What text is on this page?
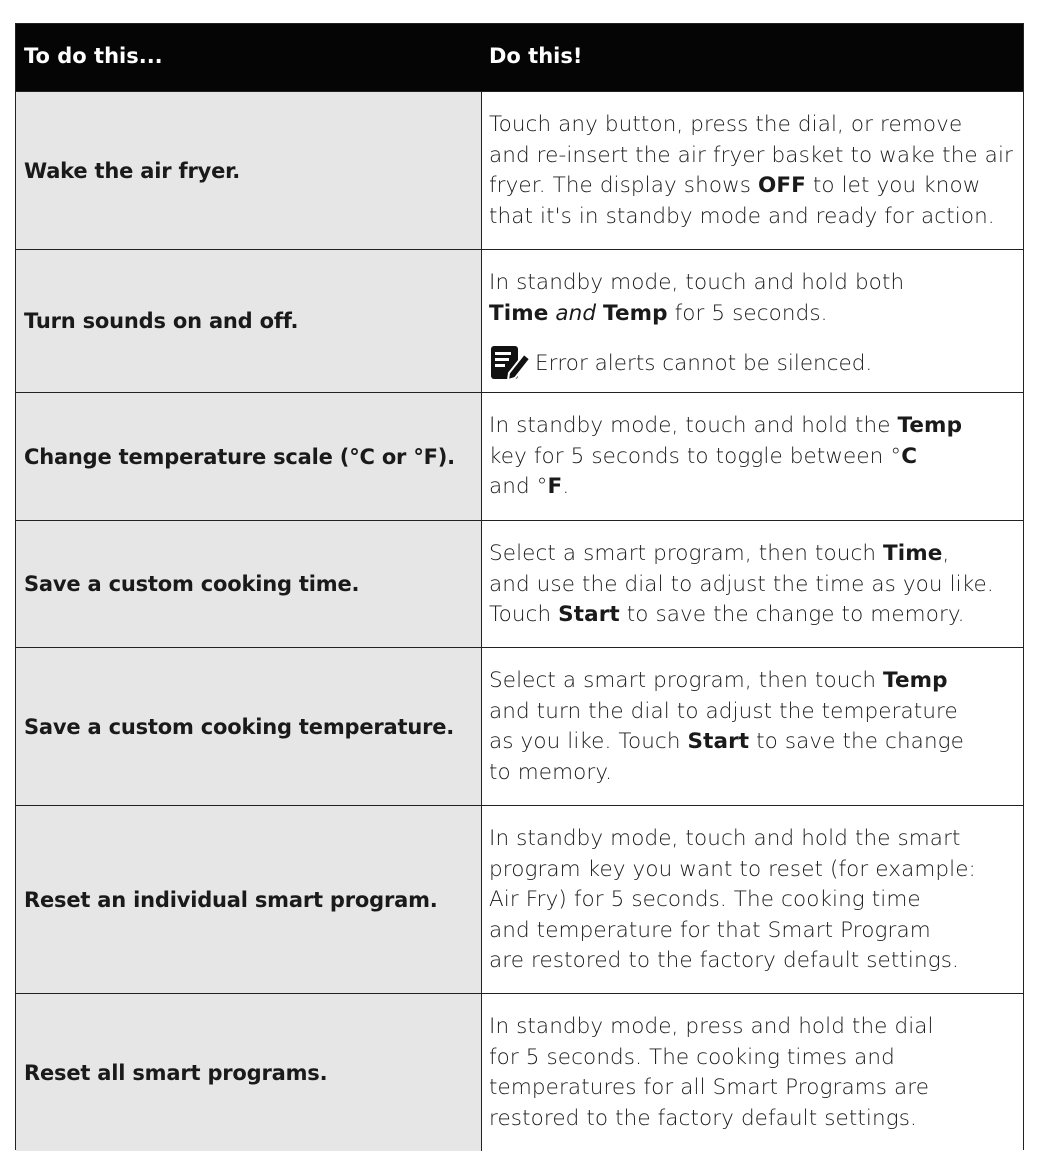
To do this...	Do this!
Wake the air fryer.
Touch any button, press the dial, or remove
and re-insert the air fryer basket to wake the air
fryer. The display shows OFF to let you know
that it's in standby mode and ready for action.
Turn sounds on and off.
In standby mode, touch and hold both
Time and Temp for 5 seconds.
Error alerts cannot be silenced.
Change temperature scale (°C or °F).
In standby mode, touch and hold the Temp
key for 5 seconds to toggle between °C
and °F.
Save a custom cooking time.
Select a smart program, then touch Time,
and use the dial to adjust the time as you like.
Touch Start to save the change to memory.
Save a custom cooking temperature.
Select a smart program, then touch Temp
and turn the dial to adjust the temperature
as you like. Touch Start to save the change
to memory.
Reset an individual smart program.
In standby mode, touch and hold the smart
program key you want to reset (for example:
Air Fry) for 5 seconds. The cooking time
and temperature for that Smart Program
are restored to the factory default settings.
Reset all smart programs.
In standby mode, press and hold the dial
for 5 seconds. The cooking times and
temperatures for all Smart Programs are
restored to the factory default settings.
